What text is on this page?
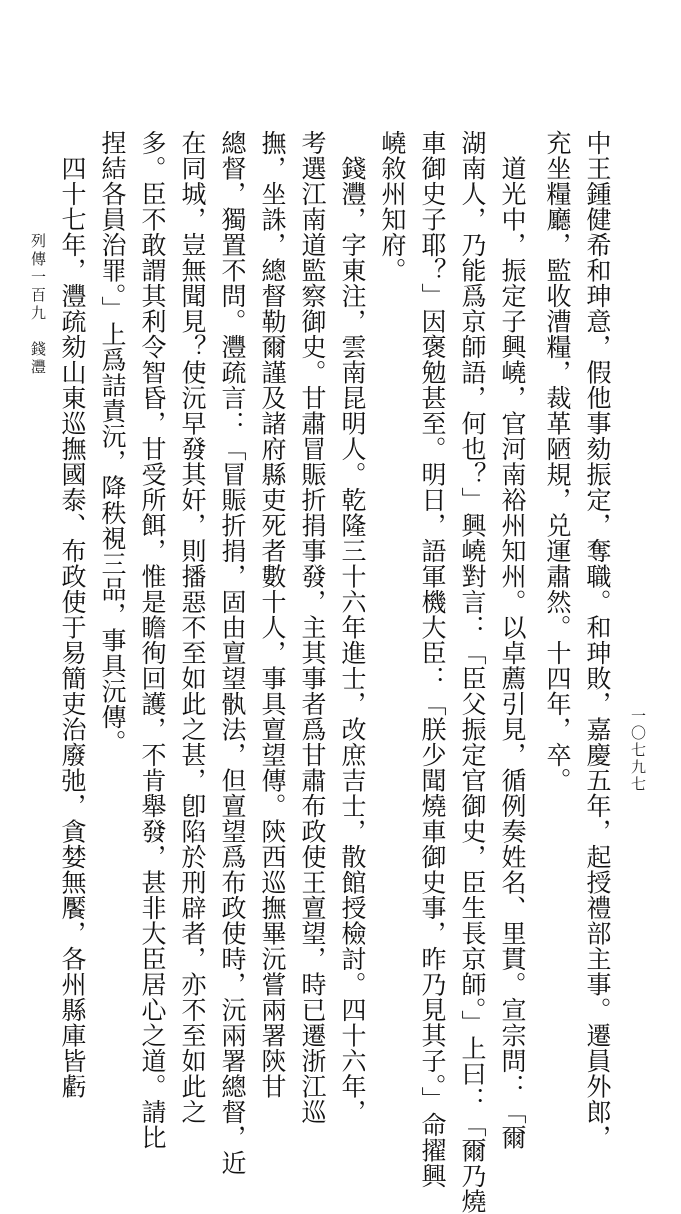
中王鍾健希和珅意，假他事劾振定，奪職。和珅敗，嘉慶五年，起授禮部主事。遷員外郎，
充坐糧廳，監收漕糧，裁革陋規，兑運肅然。十四年，卒。
　道光中，振定子興嶢，官河南裕州知州。以卓薦引見，循例奏姓名、里貫。宣宗問：「爾
湖南人，乃能爲京師語，何也？」興嶢對言：「臣父振定官御史，臣生長京師。」上曰：「爾乃燒
車御史子耶？」因褒勉甚至。明日，語軍機大臣：「朕少聞燒車御史事，昨乃見其子。」命擢興
嶢敘州知府。
　錢灃，字東注，雲南昆明人。乾隆三十六年進士，改庶吉士，散館授檢討。四十六年，
考選江南道監察御史。甘肅冒賑折捐事發，主其事者爲甘肅布政使王亶望，時已遷浙江巡
撫，坐誅，總督勒爾謹及諸府縣吏死者數十人，事具亶望傳。陝西巡撫畢沅嘗兩署陝甘
總督，獨置不問。灃疏言：「冒賑折捐，固由亶望骫法，但亶望爲布政使時，沅兩署總督，近
在同城，豈無聞見？使沅早發其奸，則播惡不至如此之甚，卽陷於刑辟者，亦不至如此之
多。臣不敢謂其利令智昏，甘受所餌，惟是瞻徇回護，不肯舉發，甚非大臣居心之道。請比
捏結各員治罪。」上爲詰責沅，降秩視三品，事具沅傳。
　四十七年，灃疏劾山東巡撫國泰、布政使于易簡吏治廢弛，貪婪無饜，各州縣庫皆虧
列傳一百九　錢灃
一〇七九七
